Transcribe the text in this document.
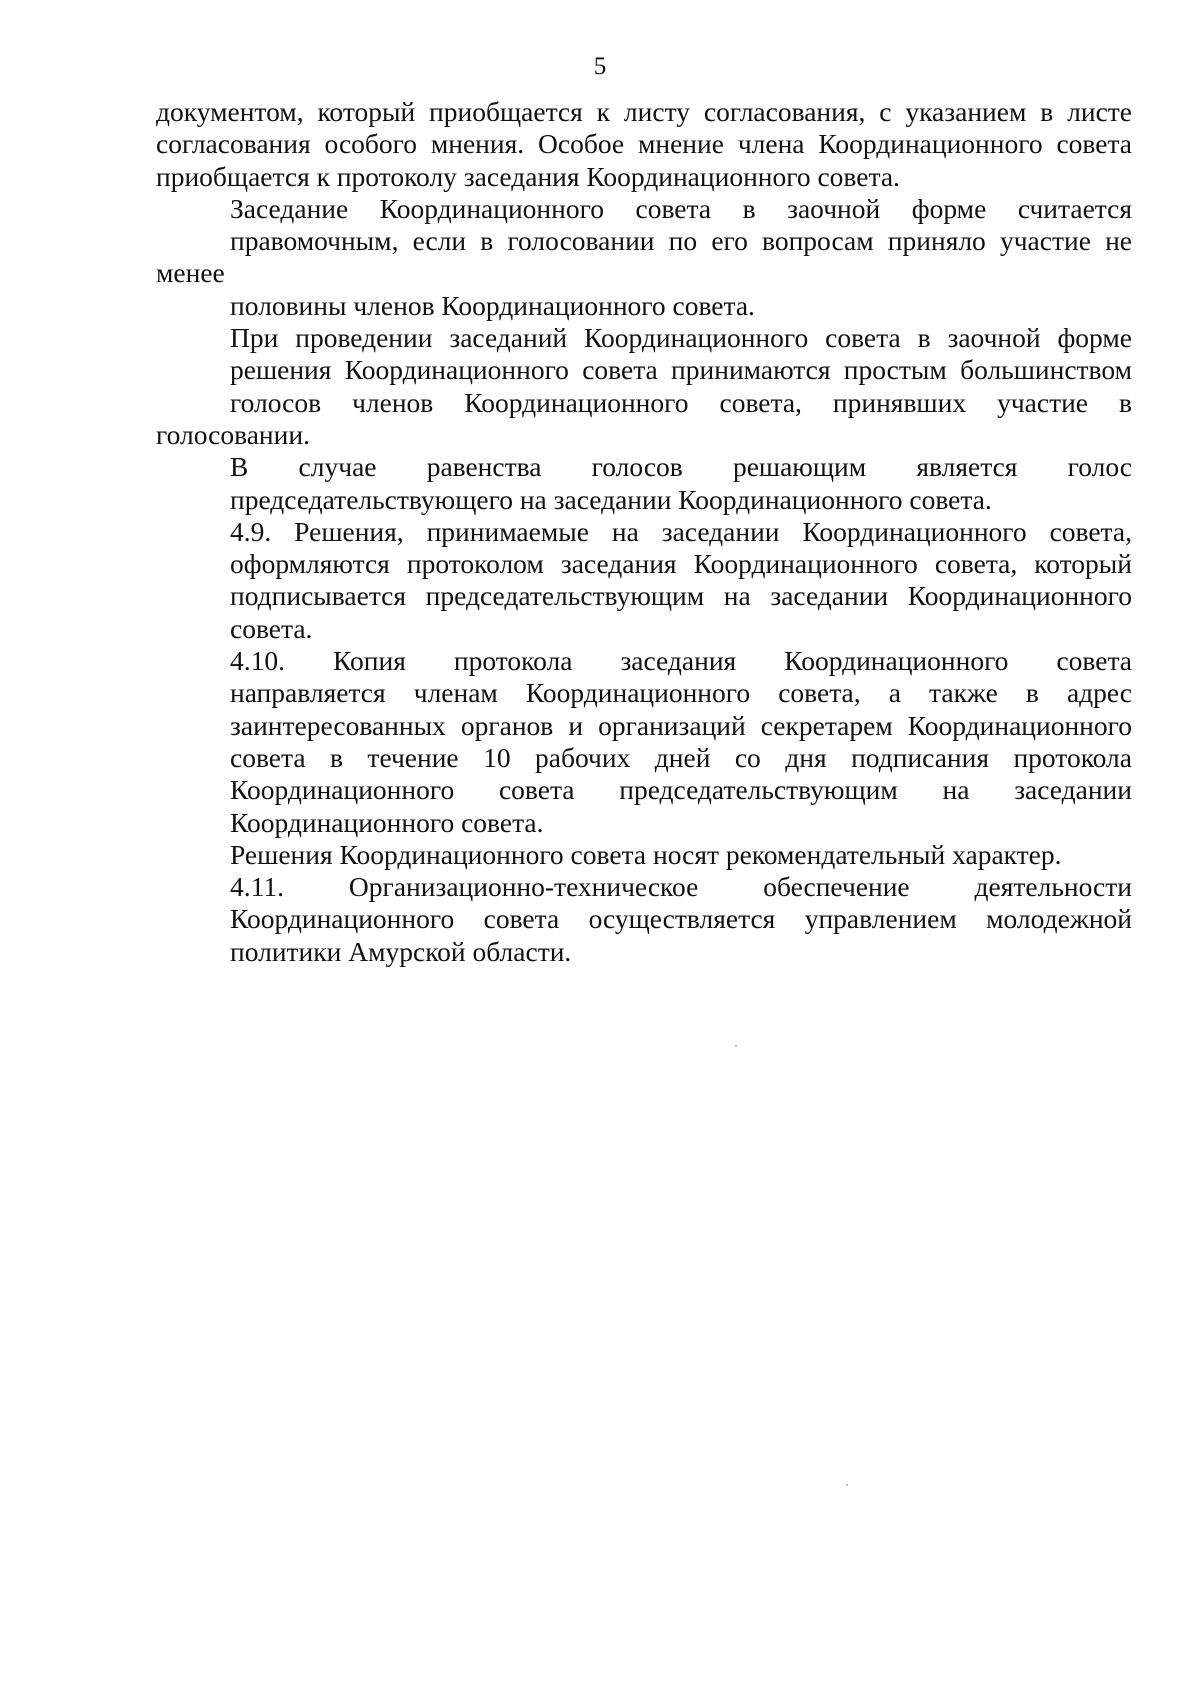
5

документом, который приобщается к листу согласования, с указанием в листе
согласования особого мнения. Особое мнение члена Координационного совета
приобщается к протоколу заседания Координационного совета.

Заседание Координационного совета в заочной форме считается
правомочным, если в голосовании по его вопросам приняло участие не менее
половины членов Координационного совета.

При проведении заседаний Координационного совета в заочной форме
решения Координационного совета принимаются простым большинством
голосов членов Координационного совета, принявших участие в голосовании.
В случае равенства голосов решающим является голос
председательствующего на заседании Координационного совета.

4.9. Решения, принимаемые на заседании Координационного совета,
оформляются протоколом заседания Координационного совета, который
подписывается председательствующим на заседании Координационного
совета.

4.10. Копия протокола заседания Координационного совета
направляется членам Координационного совета, а также в адрес
заинтересованных органов и организаций секретарем Координационного
совета в течение 10 рабочих дней со дня подписания протокола
Координационного совета председательствующим на заседании
Координационного совета.

Решения Координационного совета носят рекомендательный характер.

4.11. Организационно-техническое обеспечение деятельности
Координационного совета осуществляется управлением молодежной
политики Амурской области.
